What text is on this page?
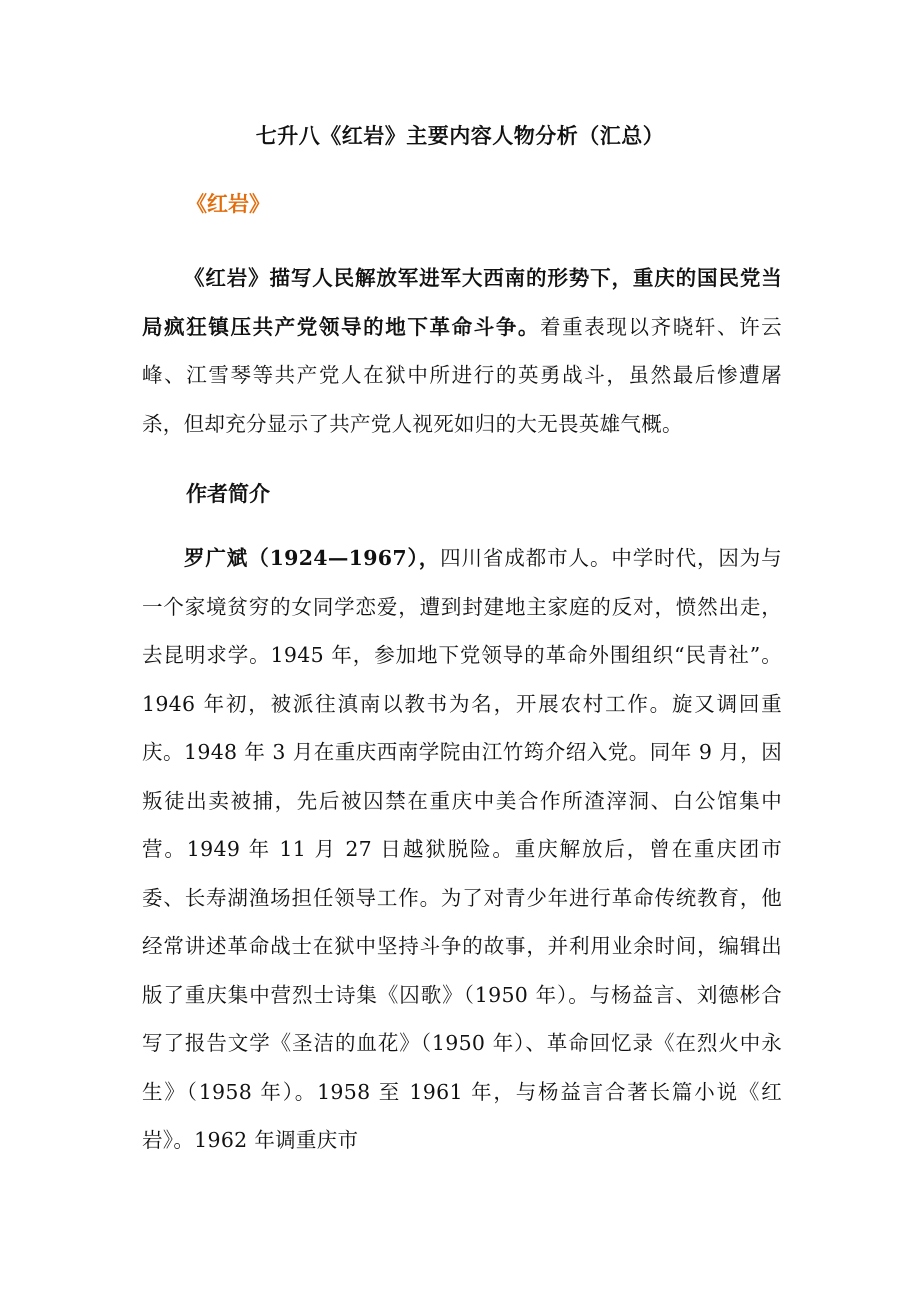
七升八《红岩》主要内容人物分析（汇总）
《红岩》
《红岩》描写人民解放军进军大西南的形势下，重庆的国民党当局疯狂镇压共产党领导的地下革命斗争。着重表现以齐晓轩、许云峰、江雪琴等共产党人在狱中所进行的英勇战斗，虽然最后惨遭屠杀，但却充分显示了共产党人视死如归的大无畏英雄气概。
作者简介
罗广斌（1924—1967），四川省成都市人。中学时代，因为与一个家境贫穷的女同学恋爱，遭到封建地主家庭的反对，愤然出走，去昆明求学。1945 年，参加地下党领导的革命外围组织“民青社”。1946 年初，被派往滇南以教书为名，开展农村工作。旋又调回重庆。1948 年 3 月在重庆西南学院由江竹筠介绍入党。同年 9 月，因叛徒出卖被捕，先后被囚禁在重庆中美合作所渣滓洞、白公馆集中营。1949 年 11 月 27 日越狱脱险。重庆解放后，曾在重庆团市委、长寿湖渔场担任领导工作。为了对青少年进行革命传统教育，他经常讲述革命战士在狱中坚持斗争的故事，并利用业余时间，编辑出版了重庆集中营烈士诗集《囚歌》（1950 年）。与杨益言、刘德彬合写了报告文学《圣洁的血花》（1950 年）、革命回忆录《在烈火中永生》（1958 年）。1958 至 1961 年，与杨益言合著长篇小说《红岩》。1962 年调重庆市
